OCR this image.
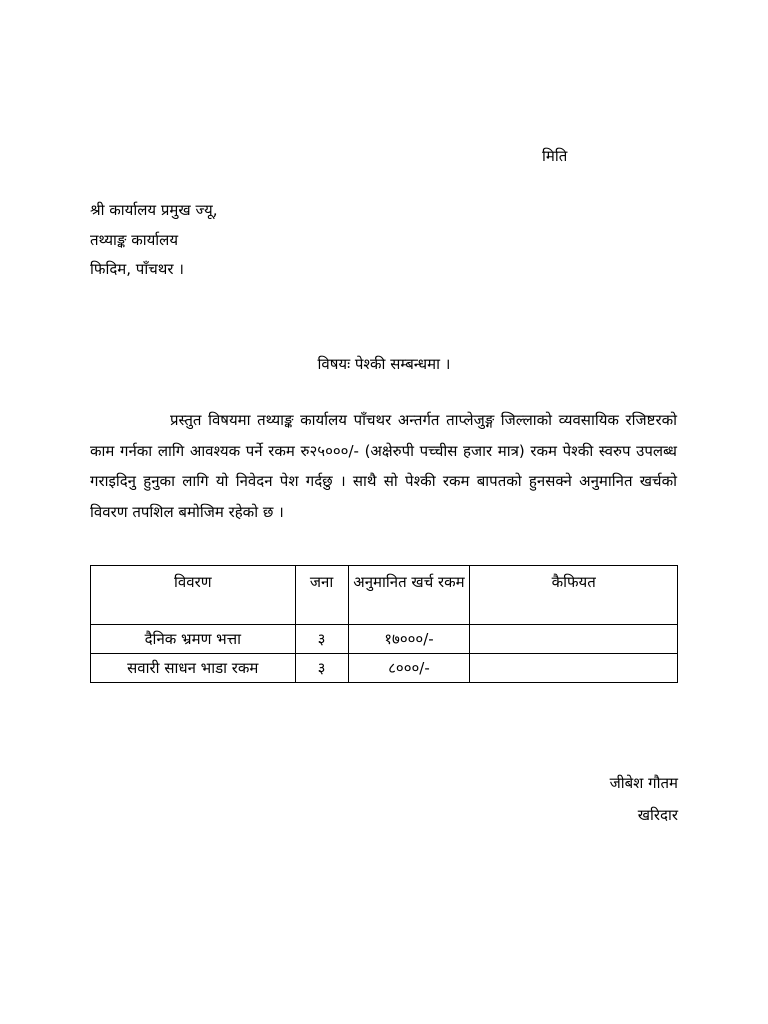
मिति
श्री कार्यालय प्रमुख ज्यू,
तथ्याङ्क कार्यालय
फिदिम, पाँचथर ।
विषयः पेश्की सम्बन्धमा ।
प्रस्तुत विषयमा तथ्याङ्क कार्यालय पाँचथर अन्तर्गत ताप्लेजुङ्ग जिल्लाको व्यवसायिक रजिष्टरको काम गर्नका लागि आवश्यक पर्ने रकम रु२५०००/- (अक्षेरुपी पच्चीस हजार मात्र) रकम पेश्की स्वरुप उपलब्ध गराइदिनु हुनुका लागि यो निवेदन पेश गर्दछु । साथै सो पेश्की रकम बापतको हुनसक्ने अनुमानित खर्चको विवरण तपशिल बमोजिम रहेको छ ।
विवरण	जना	अनुमानित खर्च रकम	कैफियत
दैनिक भ्रमण भत्ता	३	१७०००/-	
सवारी साधन भाडा रकम	३	८०००/-	
जीबेश गौतम
खरिदार
